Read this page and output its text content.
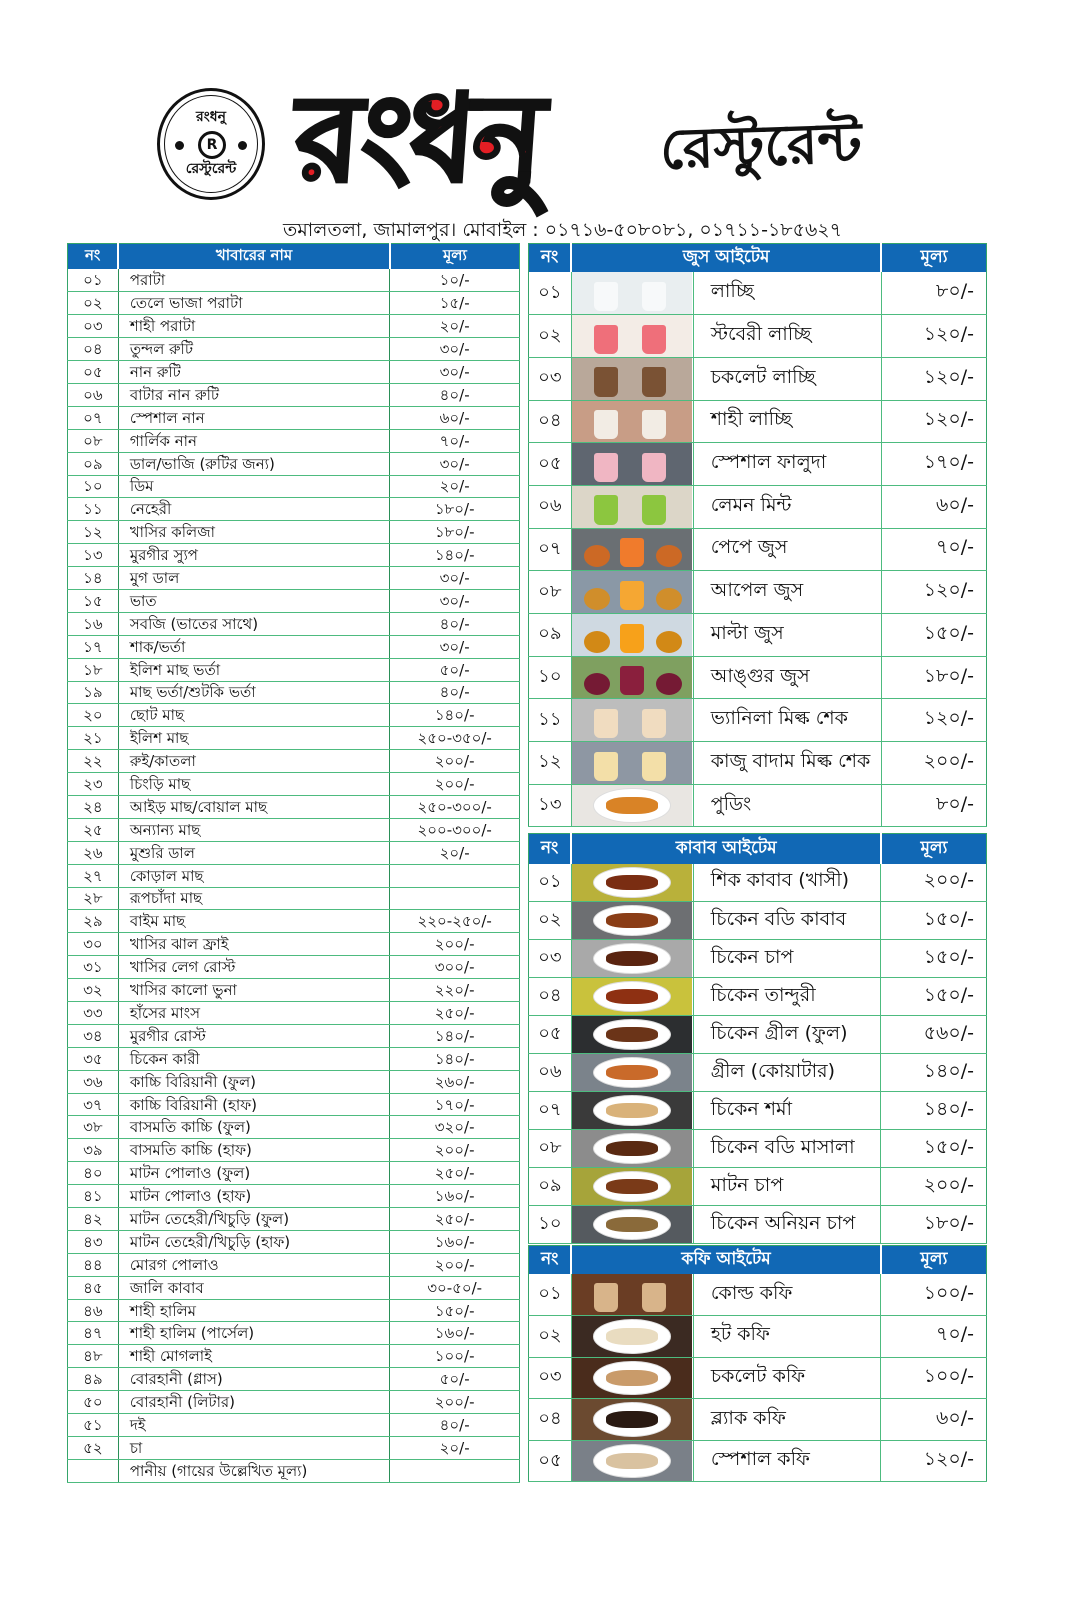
রংধনু
R
রেস্টুরেন্ট রংধনু রেস্টুরেন্ট
তমালতলা, জামালপুর। মোবাইল : ০১৭১৬-৫০৮০৮১, ০১৭১১-১৮৫৬২৭
নং	খাবারের নাম	মূল্য
০১	পরাটা	১০/-
০২	তেলে ভাজা পরাটা	১৫/-
০৩	শাহী পরাটা	২০/-
০৪	তুন্দল রুটি	৩০/-
০৫	নান রুটি	৩০/-
০৬	বাটার নান রুটি	৪০/-
০৭	স্পেশাল নান	৬০/-
০৮	গার্লিক নান	৭০/-
০৯	ডাল/ভাজি (রুটির জন্য)	৩০/-
১০	ডিম	২০/-
১১	নেহেরী	১৮০/-
১২	খাসির কলিজা	১৮০/-
১৩	মুরগীর স্যুপ	১৪০/-
১৪	মুগ ডাল	৩০/-
১৫	ভাত	৩০/-
১৬	সবজি (ভাতের সাথে)	৪০/-
১৭	শাক/ভর্তা	৩০/-
১৮	ইলিশ মাছ ভর্তা	৫০/-
১৯	মাছ ভর্তা/শুটকি ভর্তা	৪০/-
২০	ছোট মাছ	১৪০/-
২১	ইলিশ মাছ	২৫০-৩৫০/-
২২	রুই/কাতলা	২০০/-
২৩	চিংড়ি মাছ	২০০/-
২৪	আইড় মাছ/বোয়াল মাছ	২৫০-৩০০/-
২৫	অন্যান্য মাছ	২০০-৩০০/-
২৬	মুশুরি ডাল	২০/-
২৭	কোড়াল মাছ	
২৮	রূপচাঁদা মাছ	
২৯	বাইম মাছ	২২০-২৫০/-
৩০	খাসির ঝাল ফ্রাই	২০০/-
৩১	খাসির লেগ রোস্ট	৩০০/-
৩২	খাসির কালো ভুনা	২২০/-
৩৩	হাঁসের মাংস	২৫০/-
৩৪	মুরগীর রোস্ট	১৪০/-
৩৫	চিকেন কারী	১৪০/-
৩৬	কাচ্চি বিরিয়ানী (ফুল)	২৬০/-
৩৭	কাচ্চি বিরিয়ানী (হাফ)	১৭০/-
৩৮	বাসমতি কাচ্চি (ফুল)	৩২০/-
৩৯	বাসমতি কাচ্চি (হাফ)	২০০/-
৪০	মাটন পোলাও (ফুল)	২৫০/-
৪১	মাটন পোলাও (হাফ)	১৬০/-
৪২	মাটন তেহেরী/খিচুড়ি (ফুল)	২৫০/-
৪৩	মাটন তেহেরী/খিচুড়ি (হাফ)	১৬০/-
৪৪	মোরগ পোলাও	২০০/-
৪৫	জালি কাবাব	৩০-৫০/-
৪৬	শাহী হালিম	১৫০/-
৪৭	শাহী হালিম (পার্সেল)	১৬০/-
৪৮	শাহী মোগলাই	১০০/-
৪৯	বোরহানী (গ্লাস)	৫০/-
৫০	বোরহানী (লিটার)	২০০/-
৫১	দই	৪০/-
৫২	চা	২০/-
	পানীয় (গায়ের উল্লেখিত মূল্য)	
নং	জুস আইটেম		মূল্য
০১		লাচ্ছি	৮০/-
০২		স্টবেরী লাচ্ছি	১২০/-
০৩		চকলেট লাচ্ছি	১২০/-
০৪		শাহী লাচ্ছি	১২০/-
০৫		স্পেশাল ফালুদা	১৭০/-
০৬		লেমন মিন্ট	৬০/-
০৭		পেপে জুস	৭০/-
০৮		আপেল জুস	১২০/-
০৯		মাল্টা জুস	১৫০/-
১০		আঙ্গুর জুস	১৮০/-
১১		ভ্যানিলা মিল্ক শেক	১২০/-
১২		কাজু বাদাম মিল্ক শেক	২০০/-
১৩		পুডিং	৮০/-
নং	কাবাব আইটেম		মূল্য
০১		শিক কাবাব (খাসী)	২০০/-
০২		চিকেন বডি কাবাব	১৫০/-
০৩		চিকেন চাপ	১৫০/-
০৪		চিকেন তান্দুরী	১৫০/-
০৫		চিকেন গ্রীল (ফুল)	৫৬০/-
০৬		গ্রীল (কোয়াটার)	১৪০/-
০৭		চিকেন শর্মা	১৪০/-
০৮		চিকেন বডি মাসালা	১৫০/-
০৯		মাটন চাপ	২০০/-
১০		চিকেন অনিয়ন চাপ	১৮০/-
নং	কফি আইটেম		মূল্য
০১		কোল্ড কফি	১০০/-
০২		হট কফি	৭০/-
০৩		চকলেট কফি	১০০/-
০৪		ব্ল্যাক কফি	৬০/-
০৫		স্পেশাল কফি	১২০/-
